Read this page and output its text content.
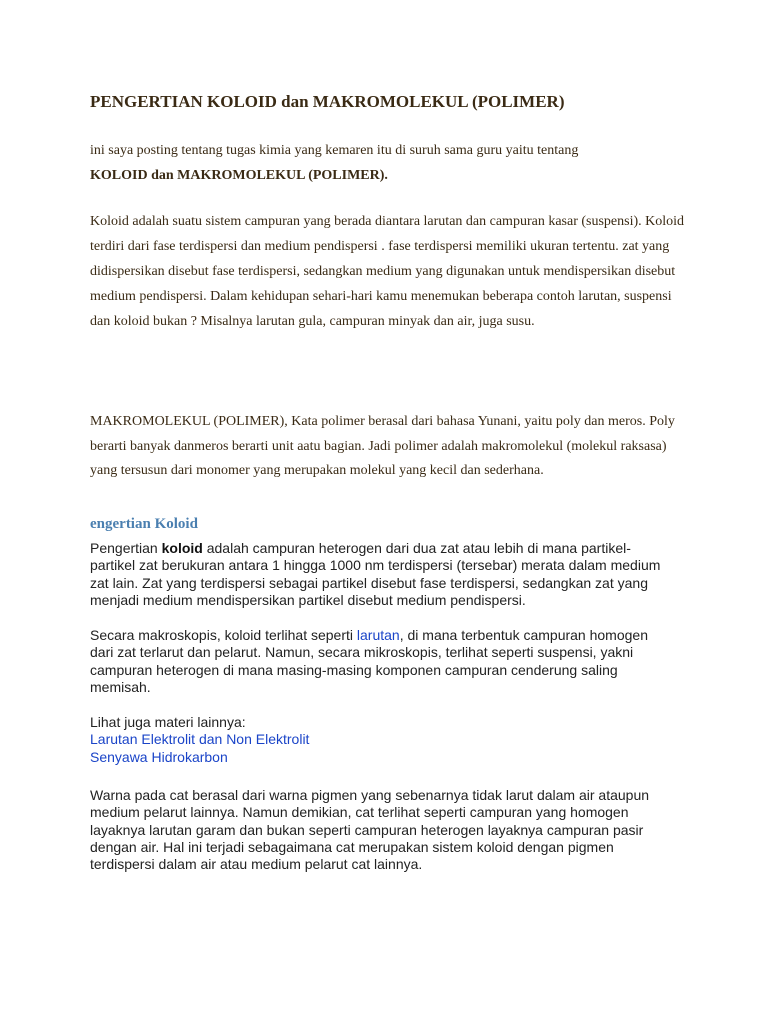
PENGERTIAN KOLOID dan MAKROMOLEKUL (POLIMER)

ini saya posting tentang tugas kimia yang kemaren itu di suruh sama guru yaitu tentang
KOLOID dan MAKROMOLEKUL (POLIMER).

Koloid adalah suatu sistem campuran yang berada diantara larutan dan campuran kasar (suspensi). Koloid terdiri dari fase terdispersi dan medium pendispersi . fase terdispersi memiliki ukuran tertentu. zat yang didispersikan disebut fase terdispersi, sedangkan medium yang digunakan untuk mendispersikan disebut medium pendispersi. Dalam kehidupan sehari-hari kamu menemukan beberapa contoh larutan, suspensi dan koloid bukan ? Misalnya larutan gula, campuran minyak dan air, juga susu.

MAKROMOLEKUL (POLIMER), Kata polimer berasal dari bahasa Yunani, yaitu poly dan meros. Poly berarti banyak danmeros berarti unit aatu bagian. Jadi polimer adalah makromolekul (molekul raksasa) yang tersusun dari monomer yang merupakan molekul yang kecil dan sederhana.

engertian Koloid

Pengertian koloid adalah campuran heterogen dari dua zat atau lebih di mana partikel-partikel zat berukuran antara 1 hingga 1000 nm terdispersi (tersebar) merata dalam medium zat lain. Zat yang terdispersi sebagai partikel disebut fase terdispersi, sedangkan zat yang menjadi medium mendispersikan partikel disebut medium pendispersi.

Secara makroskopis, koloid terlihat seperti larutan, di mana terbentuk campuran homogen dari zat terlarut dan pelarut. Namun, secara mikroskopis, terlihat seperti suspensi, yakni campuran heterogen di mana masing-masing komponen campuran cenderung saling memisah.

Lihat juga materi lainnya:
Larutan Elektrolit dan Non Elektrolit
Senyawa Hidrokarbon

Warna pada cat berasal dari warna pigmen yang sebenarnya tidak larut dalam air ataupun medium pelarut lainnya. Namun demikian, cat terlihat seperti campuran yang homogen layaknya larutan garam dan bukan seperti campuran heterogen layaknya campuran pasir dengan air. Hal ini terjadi sebagaimana cat merupakan sistem koloid dengan pigmen terdispersi dalam air atau medium pelarut cat lainnya.
